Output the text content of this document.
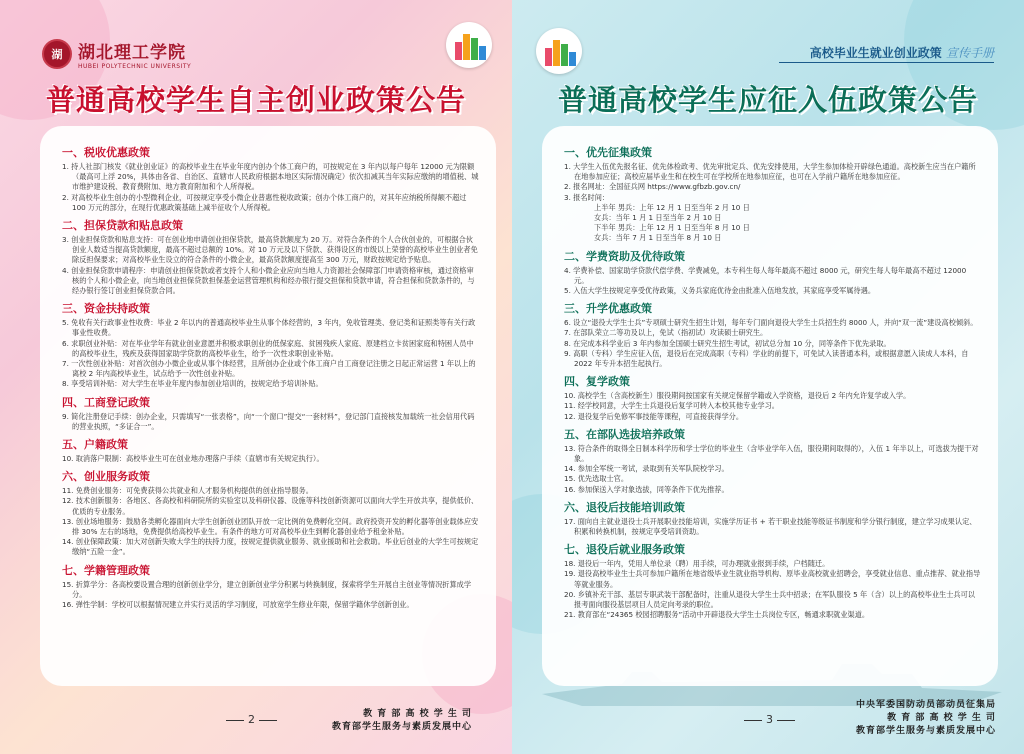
湖 湖北理工学院
HUBEI POLYTECHNIC UNIVERSITY
普通高校学生自主创业政策公告
一、税收优惠政策
1. 持人社部门核发《就业创业证》的高校毕业生在毕业年度内创办个体工商户的，可按规定在 3 年内以每户每年 12000 元为限额（最高可上浮 20%，具体由各省、自治区、直辖市人民政府根据本地区实际情况确定）依次扣减其当年实际应缴纳的增值税、城市维护建设税、教育费附加、地方教育附加和个人所得税。
2. 对高校毕业生创办的小型微利企业，可按规定享受小微企业普惠性税收政策；创办个体工商户的，对其年应纳税所得额不超过 100 万元的部分，在现行优惠政策基础上减半征收个人所得税。
二、担保贷款和贴息政策
3. 创业担保贷款和贴息支持：可在创业地申请创业担保贷款，最高贷款额度为 20 万。对符合条件的个人合伙创业的，可根据合伙创业人数适当提高贷款额度，最高不超过总额的 10%。对 10 万元及以下贷款、获得设区的市级以上荣誉的高校毕业生创业者免除反担保要求；对高校毕业生设立的符合条件的小微企业，最高贷款额度提高至 300 万元，财政按规定给予贴息。
4. 创业担保贷款申请程序：申请创业担保贷款或者支持个人和小微企业应向当地人力资源社会保障部门申请资格审核，通过资格审核的个人和小微企业，向当地创业担保贷款担保基金运营管理机构和经办银行提交担保和贷款申请，符合担保和贷款条件的，与经办银行签订创业担保贷款合同。
三、资金扶持政策
5. 免收有关行政事业性收费：毕业 2 年以内的普通高校毕业生从事个体经营的，3 年内，免收管理类、登记类和证照类等有关行政事业性收费。
6. 求职创业补贴：对在毕业学年有就业创业意愿并积极求职创业的低保家庭、贫困残疾人家庭、原建档立卡贫困家庭和特困人员中的高校毕业生，残疾及获得国家助学贷款的高校毕业生，给予一次性求职创业补贴。
7. 一次性创业补贴：对首次创办小微企业或从事个体经营，且所创办企业或个体工商户自工商登记注册之日起正常运营 1 年以上的离校 2 年内高校毕业生，试点给予一次性创业补贴。
8. 享受培训补贴：对大学生在毕业年度内参加创业培训的，按规定给予培训补贴。
四、工商登记政策
9. 简化注册登记手续：创办企业，只需填写“一张表格”，向“一个窗口”提交“一套材料”，登记部门直接核发加载统一社会信用代码的营业执照，“多证合一”。
五、户籍政策
10. 取消落户限制：高校毕业生可在创业地办理落户手续（直辖市有关规定执行）。
六、创业服务政策
11. 免费创业服务：可免费获得公共就业和人才服务机构提供的创业指导服务。
12. 技术创新服务：各地区、各高校和科研院所的实验室以及科研仪器、设施等科技创新资源可以面向大学生开放共享，提供低价、优质的专业服务。
13. 创业场地服务：鼓励各类孵化器面向大学生创新创业团队开放一定比例的免费孵化空间。政府投资开发的孵化器等创业载体应安排 30% 左右的场地，免费提供给高校毕业生。有条件的地方可对高校毕业生到孵化器创业给予租金补贴。
14. 创业保障政策：加大对创新失败大学生的扶持力度，按规定提供就业服务、就业援助和社会救助。毕业后创业的大学生可按规定缴纳“五险一金”。
七、学籍管理政策
15. 折算学分：各高校要设置合理的创新创业学分，建立创新创业学分积累与转换制度，探索将学生开展自主创业等情况折算成学分。
16. 弹性学制：学校可以根据情况建立并实行灵活的学习制度，可放宽学生修业年限，保留学籍休学创新创业。
2	教 育 部 高 校 学 生 司
教育部学生服务与素质发展中心
高校毕业生就业创业政策 宣传手册
普通高校学生应征入伍政策公告
一、优先征集政策
1. 大学生入伍优先报名征、优先体检政考、优先审批定兵、优先安排使用，大学生参加体检开辟绿色通道。高校新生应当在户籍所在地参加应征；高校应届毕业生和在校生可在学校所在地参加应征，也可在入学前户籍所在地参加应征。
2. 报名网址：全国征兵网 https://www.gfbzb.gov.cn/
3. 报名时间：
上半年 男兵：上年 12 月 1 日至当年 2 月 10 日
女兵：当年 1 月 1 日至当年 2 月 10 日
下半年 男兵：上年 12 月 1 日至当年 8 月 10 日
女兵：当年 7 月 1 日至当年 8 月 10 日
二、学费资助及优待政策
4. 学费补偿、国家助学贷款代偿学费、学费减免，本专科生每人每年最高不超过 8000 元，研究生每人每年最高不超过 12000 元。
5. 入伍大学生按规定享受优待政策，义务兵家庭优待金由批准入伍地发放，其家庭享受军属待遇。
三、升学优惠政策
6. 设立“退役大学生士兵”专项硕士研究生招生计划，每年专门面向退役大学生士兵招生约 8000 人，并向“双一流”建设高校倾斜。
7. 在部队荣立二等功及以上，免试（指初试）攻读硕士研究生。
8. 在完成本科学业后 3 年内参加全国硕士研究生招生考试，初试总分加 10 分，同等条件下优先录取。
9. 高职（专科）学生应征入伍，退役后在完成高职（专科）学业的前提下，可免试入读普通本科，或根据意愿入读成人本科，自 2022 年专升本招生起执行。
四、复学政策
10. 高校学生（含高校新生）服役期间按国家有关规定保留学籍或入学资格，退役后 2 年内允许复学或入学。
11. 经学校同意，大学生士兵退役后复学可转入本校其他专业学习。
12. 退役复学后免修军事技能等课程，可直接获得学分。
五、在部队选拔培养政策
13. 符合条件的取得全日制本科学历和学士学位的毕业生（含毕业学年入伍，服役期间取得的），入伍 1 年半以上，可选拔为提干对象。
14. 参加全军统一考试，录取到有关军队院校学习。
15. 优先选取士官。
16. 参加保送入学对象选拔，同等条件下优先推荐。
六、退役后技能培训政策
17. 面向自主就业退役士兵开展职业技能培训，实施学历证书 + 若干职业技能等级证书制度和学分银行制度，建立学习成果认定、积累和转换机制，按规定享受培训资助。
七、退役后就业服务政策
18. 退役后一年内，凭用人单位录（聘）用手续，可办理就业报到手续，户档随迁。
19. 退役高校毕业生士兵可参加户籍所在地省级毕业生就业指导机构、原毕业高校就业招聘会，享受就业信息、重点推荐、就业指导等就业服务。
20. 乡镇补充干部、基层专职武装干部配备时，注重从退役大学生士兵中招录；在军队服役 5 年（含）以上的高校毕业生士兵可以报考面向服役基层项目人员定向考录的职位。
21. 教育部在“24365 校园招聘服务”活动中开辟退役大学生士兵岗位专区，畅通求职就业渠道。
3
中央军委国防动员部动员征集局
教 育 部 高 校 学 生 司
教育部学生服务与素质发展中心
